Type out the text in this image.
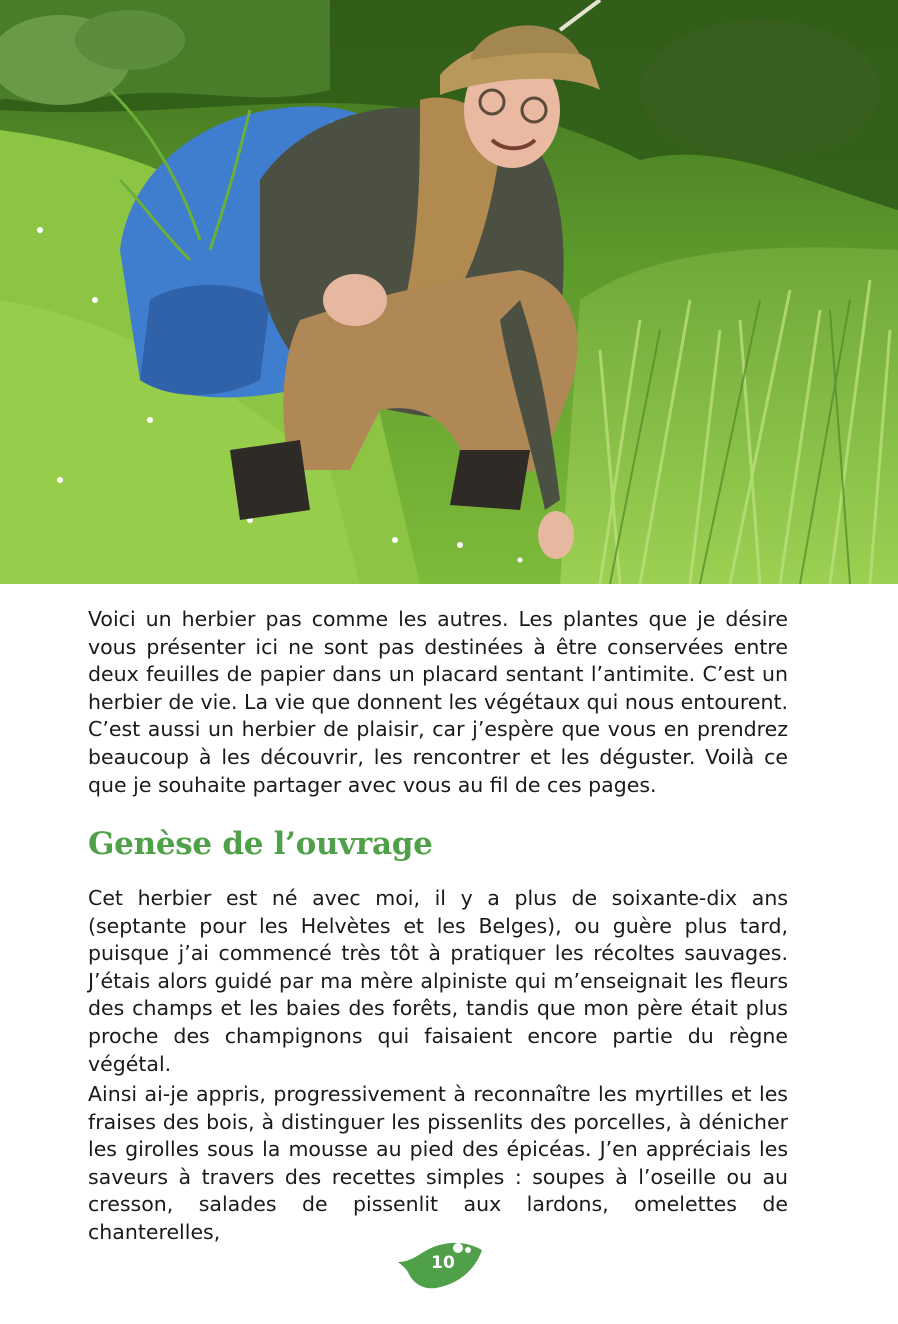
Voici un herbier pas comme les autres. Les plantes que je désire vous présenter ici ne sont pas destinées à être conservées entre deux feuilles de papier dans un placard sentant l’antimite. C’est un herbier de vie. La vie que donnent les végétaux qui nous entourent. C’est aussi un herbier de plaisir, car j’espère que vous en prendrez beaucoup à les découvrir, les rencontrer et les déguster. Voilà ce que je souhaite partager avec vous au fil de ces pages.

Genèse de l’ouvrage

Cet herbier est né avec moi, il y a plus de soixante-dix ans (septante pour les Helvètes et les Belges), ou guère plus tard, puisque j’ai commencé très tôt à pratiquer les récoltes sauvages. J’étais alors guidé par ma mère alpiniste qui m’enseignait les fleurs des champs et les baies des forêts, tandis que mon père était plus proche des champignons qui faisaient encore partie du règne végétal.

Ainsi ai-je appris, progressivement à reconnaître les myrtilles et les fraises des bois, à distinguer les pissenlits des porcelles, à dénicher les girolles sous la mousse au pied des épicéas. J’en appréciais les saveurs à travers des recettes simples : soupes à l’oseille ou au cresson, salades de pissenlit aux lardons, omelettes de chanterelles,

10
